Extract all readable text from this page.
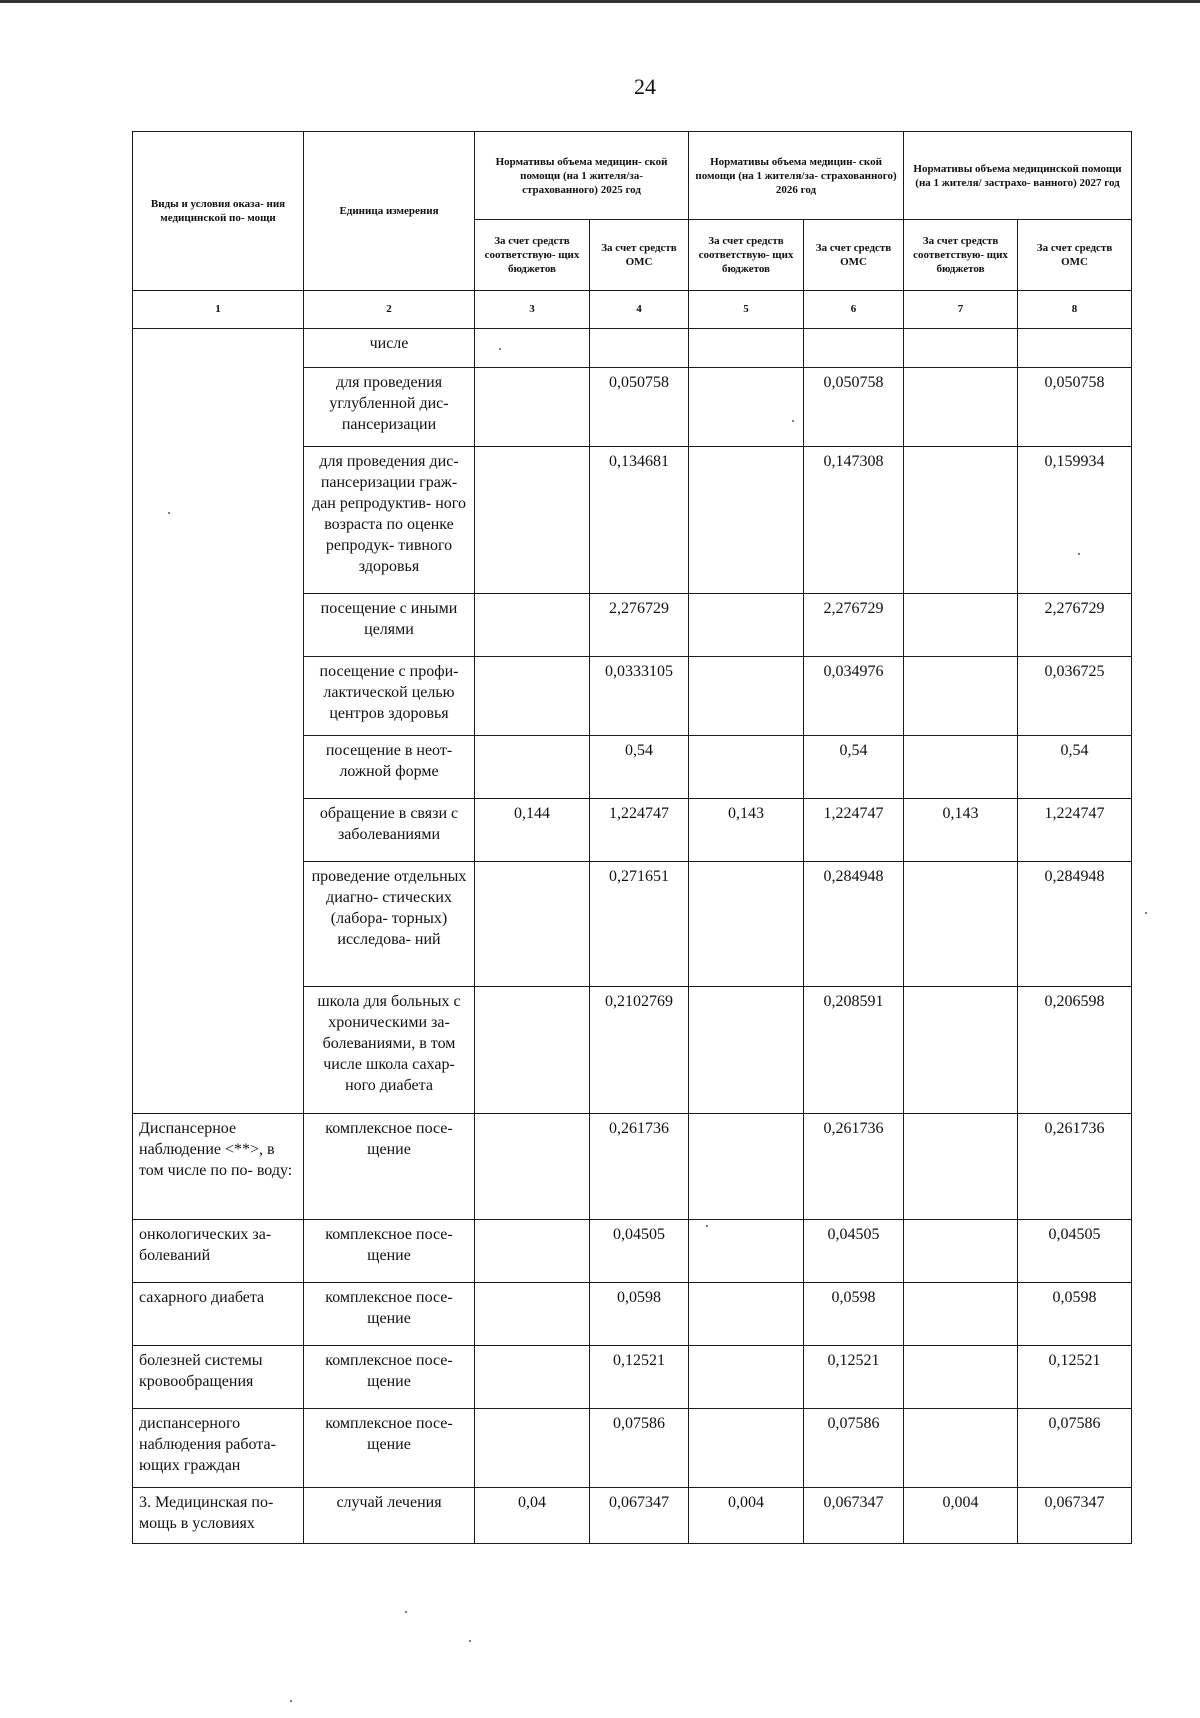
24
Виды и условия оказа- ния медицинской по- мощи	Единица измерения	Нормативы объема медицин- ской помощи (на 1 жителя/за- страхованного) 2025 год		Нормативы объема медицин- ской помощи (на 1 жителя/за- страхованного) 2026 год		Нормативы объема медицинской помощи (на 1 жителя/ застрахо- ванного) 2027 год	
		За счет средств соответствую- щих бюджетов	За счет средств ОМС	За счет средств соответствую- щих бюджетов	За счет средств ОМС	За счет средств соответствую- щих бюджетов	За счет средств ОМС
1	2	3	4	5	6	7	8
	числе						
	для проведения углубленной дис- пансеризации		0,050758		0,050758		0,050758
	для проведения дис- пансеризации граж- дан репродуктив- ного возраста по оценке репродук- тивного здоровья		0,134681		0,147308		0,159934
	посещение с иными целями		2,276729		2,276729		2,276729
	посещение с профи- лактической целью центров здоровья		0,0333105		0,034976		0,036725
	посещение в неот- ложной форме		0,54		0,54		0,54
	обращение в связи с заболеваниями	0,144	1,224747	0,143	1,224747	0,143	1,224747
	проведение отдельных диагно- стических (лабора- торных) исследова- ний		0,271651		0,284948		0,284948
	школа для больных с хроническими за- болеваниями, в том числе школа сахар- ного диабета		0,2102769		0,208591		0,206598
Диспансерное наблюдение <**>, в том числе по по- воду:	комплексное посе- щение		0,261736		0,261736		0,261736
онкологических за- болеваний	комплексное посе- щение		0,04505		0,04505		0,04505
сахарного диабета	комплексное посе- щение		0,0598		0,0598		0,0598
болезней системы кровообращения	комплексное посе- щение		0,12521		0,12521		0,12521
диспансерного наблюдения работа- ющих граждан	комплексное посе- щение		0,07586		0,07586		0,07586
3. Медицинская по- мощь в условиях	случай лечения	0,04	0,067347	0,004	0,067347	0,004	0,067347
